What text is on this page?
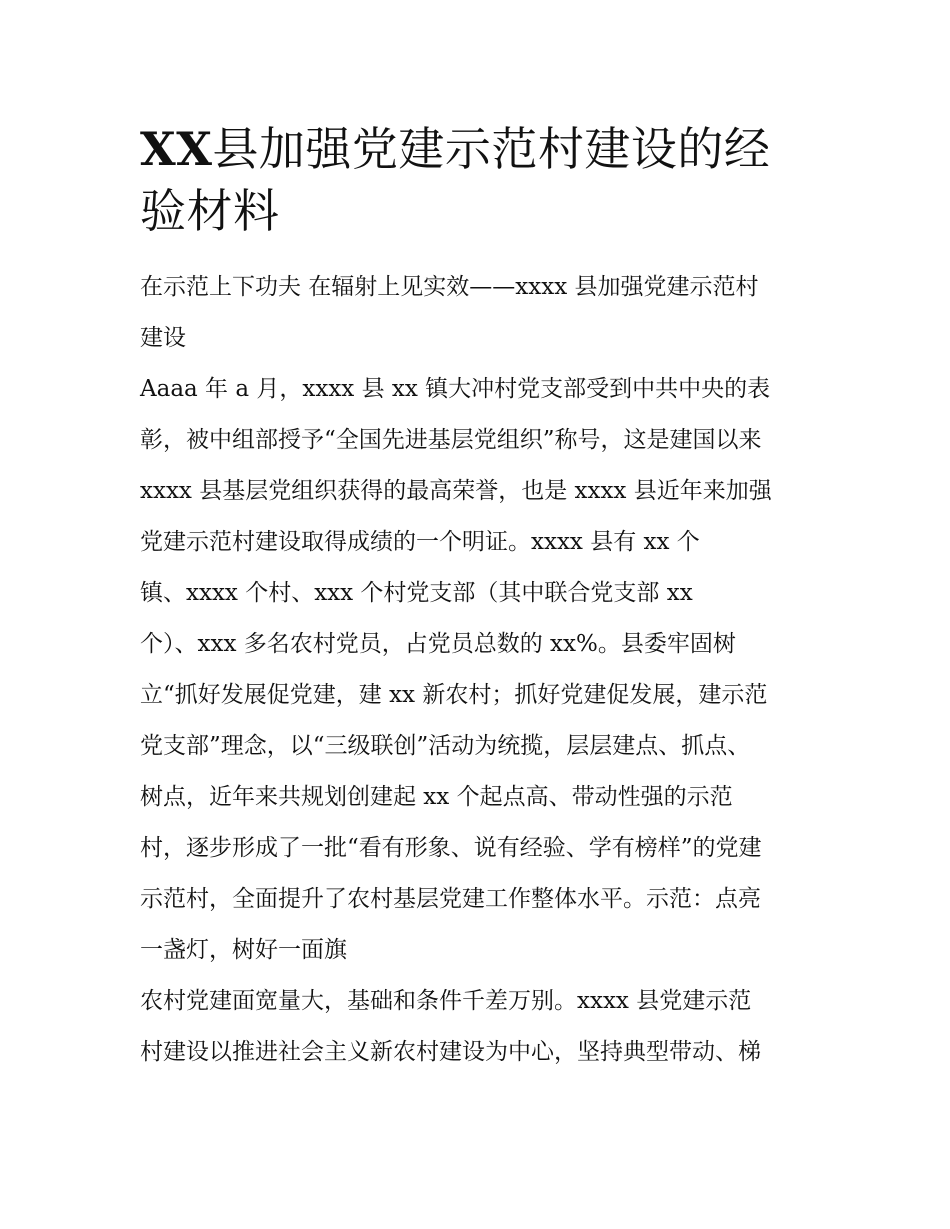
XX县加强党建示范村建设的经
验材料

在示范上下功夫 在辐射上见实效——xxxx 县加强党建示范村
建设

Aaaa 年 a 月，xxxx 县 xx 镇大冲村党支部受到中共中央的表
彰，被中组部授予“全国先进基层党组织”称号，这是建国以来
xxxx 县基层党组织获得的最高荣誉，也是 xxxx 县近年来加强
党建示范村建设取得成绩的一个明证。xxxx 县有 xx 个
镇、xxxx 个村、xxx 个村党支部（其中联合党支部 xx
个）、xxx 多名农村党员，占党员总数的 xx%。县委牢固树
立“抓好发展促党建，建 xx 新农村；抓好党建促发展，建示范
党支部”理念，以“三级联创”活动为统揽，层层建点、抓点、
树点，近年来共规划创建起 xx 个起点高、带动性强的示范
村，逐步形成了一批“看有形象、说有经验、学有榜样”的党建
示范村，全面提升了农村基层党建工作整体水平。示范：点亮
一盏灯，树好一面旗

农村党建面宽量大，基础和条件千差万别。xxxx 县党建示范
村建设以推进社会主义新农村建设为中心，坚持典型带动、梯
